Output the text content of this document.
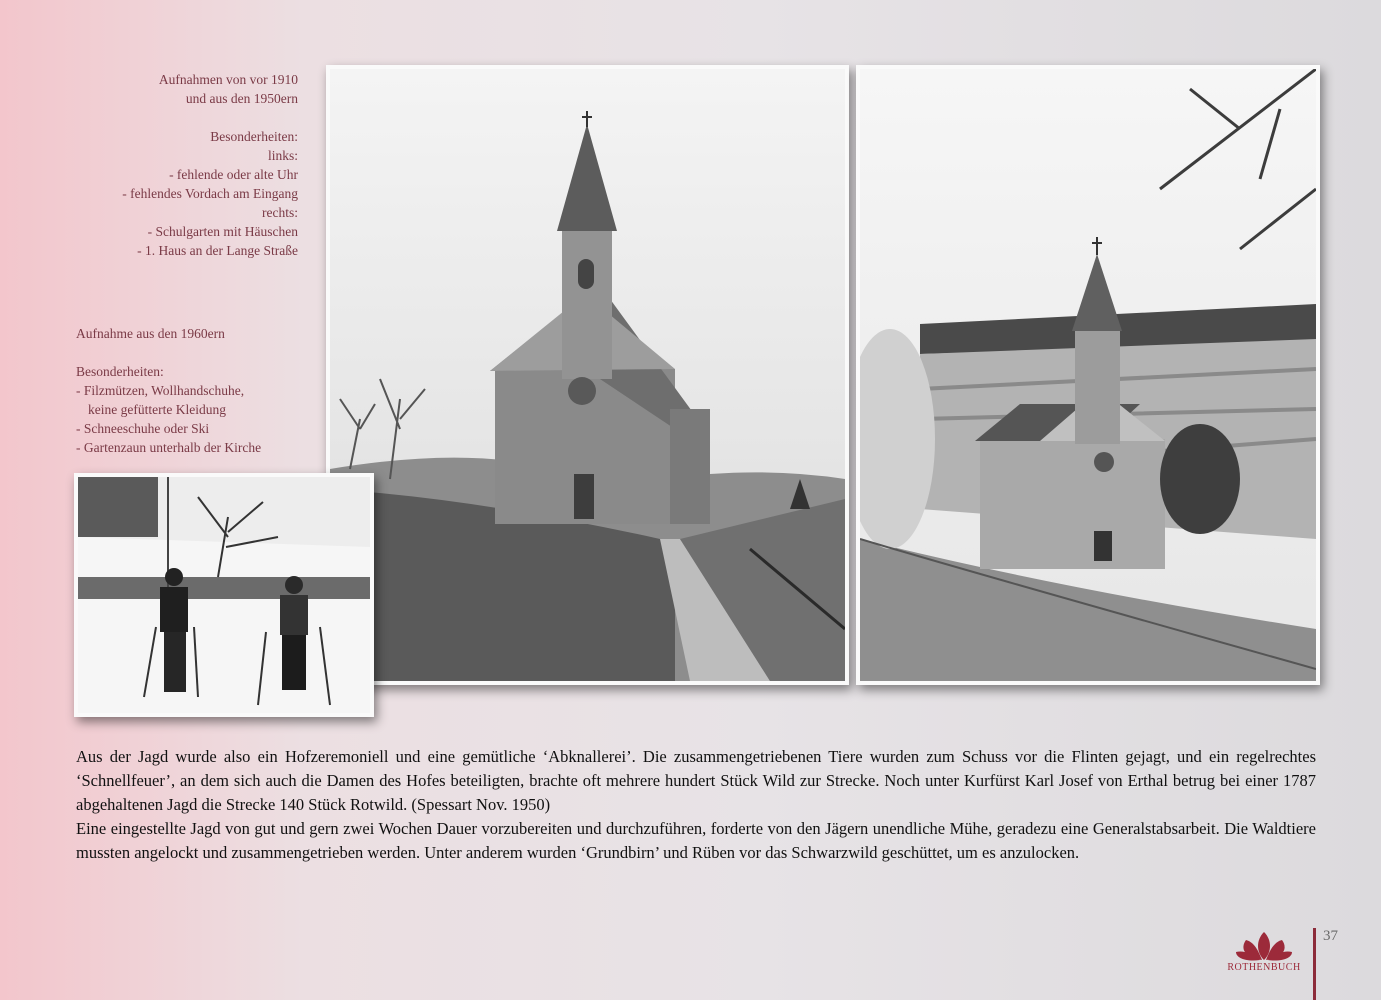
Aufnahmen von vor 1910

und aus den 1950ern

Besonderheiten:

links:

- fehlende oder alte Uhr

- fehlendes Vordach am Eingang

rechts:

- Schulgarten mit Häuschen

- 1. Haus an der Lange Straße

Aufnahme aus den 1960ern

Besonderheiten:

- Filzmützen, Wollhandschuhe,

keine gefütterte Kleidung

- Schneeschuhe oder Ski

- Gartenzaun unterhalb der Kirche

Aus der Jagd wurde also ein Hofzeremoniell und eine gemütliche ‘Abknallerei’. Die zusammengetriebenen Tiere wurden zum Schuss vor die Flinten gejagt, und ein regelrechtes ‘Schnellfeuer’, an dem sich auch die Damen des Hofes beteiligten, brachte oft mehrere hundert Stück Wild zur Strecke. Noch unter Kurfürst Karl Josef von Erthal betrug bei einer 1787 abgehaltenen Jagd die Strecke 140 Stück Rotwild. (Spessart Nov. 1950)

Eine eingestellte Jagd von gut und gern zwei Wochen Dauer vorzubereiten und durchzuführen, forderte von den Jägern unendliche Mühe, geradezu eine Generalstabsarbeit. Die Waldtiere mussten angelockt und zusammengetrieben werden. Unter anderem wurden ‘Grundbirn’ und Rüben vor das Schwarzwild geschüttet, um es anzulocken.

ROTHENBUCH
37
